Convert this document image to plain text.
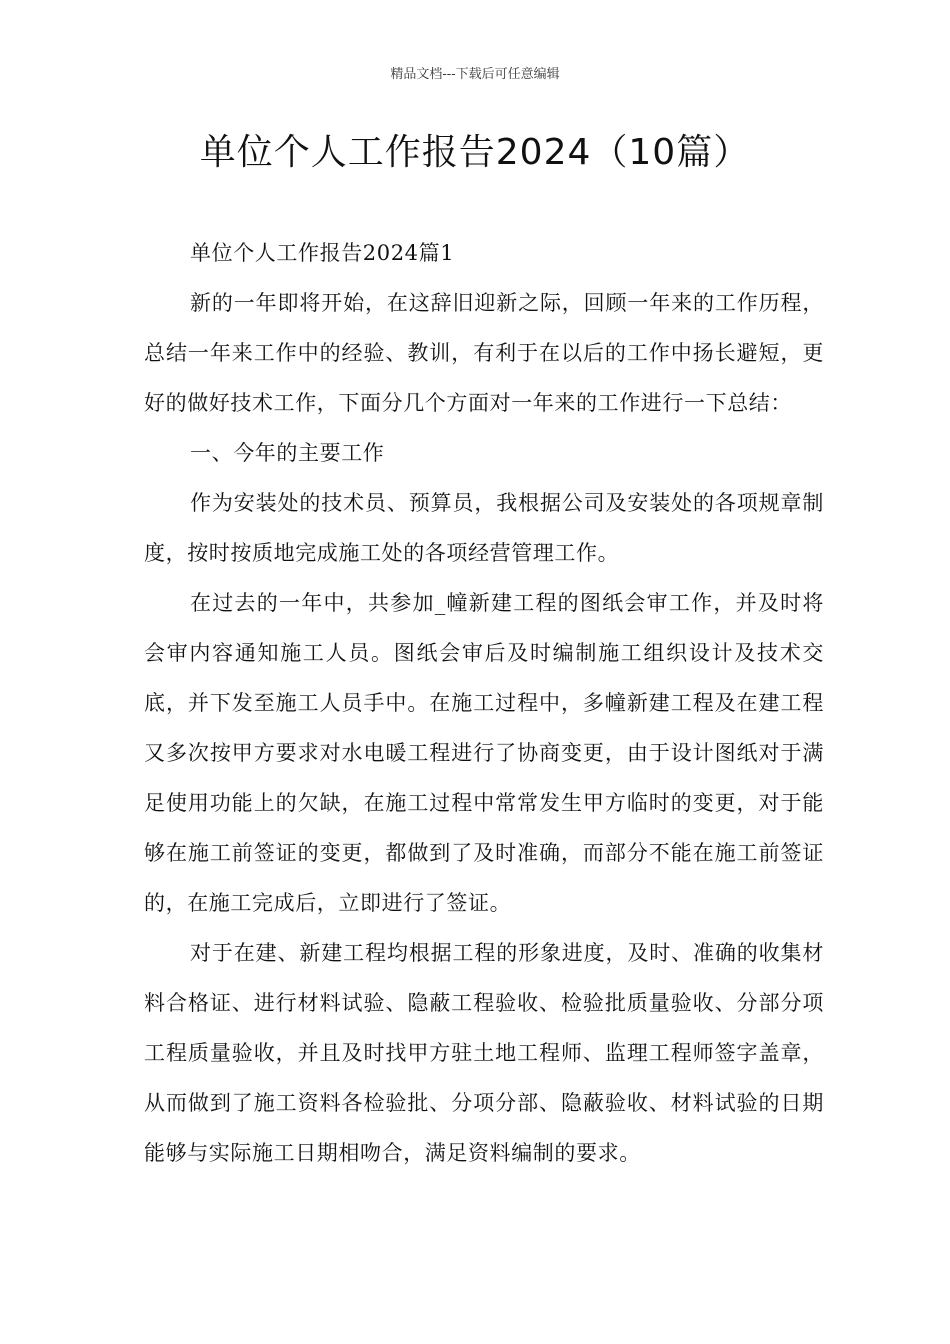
精品文档---下载后可任意编辑
单位个人工作报告2024（10篇）

单位个人工作报告2024篇1

新的一年即将开始，在这辞旧迎新之际，回顾一年来的工作历程，总结一年来工作中的经验、教训，有利于在以后的工作中扬长避短，更好的做好技术工作，下面分几个方面对一年来的工作进行一下总结：

一、今年的主要工作

作为安装处的技术员、预算员，我根据公司及安装处的各项规章制度，按时按质地完成施工处的各项经营管理工作。

在过去的一年中，共参加_幢新建工程的图纸会审工作，并及时将会审内容通知施工人员。图纸会审后及时编制施工组织设计及技术交底，并下发至施工人员手中。在施工过程中，多幢新建工程及在建工程又多次按甲方要求对水电暖工程进行了协商变更，由于设计图纸对于满足使用功能上的欠缺，在施工过程中常常发生甲方临时的变更，对于能够在施工前签证的变更，都做到了及时准确，而部分不能在施工前签证的，在施工完成后，立即进行了签证。

对于在建、新建工程均根据工程的形象进度，及时、准确的收集材料合格证、进行材料试验、隐蔽工程验收、检验批质量验收、分部分项工程质量验收，并且及时找甲方驻土地工程师、监理工程师签字盖章，从而做到了施工资料各检验批、分项分部、隐蔽验收、材料试验的日期能够与实际施工日期相吻合，满足资料编制的要求。
